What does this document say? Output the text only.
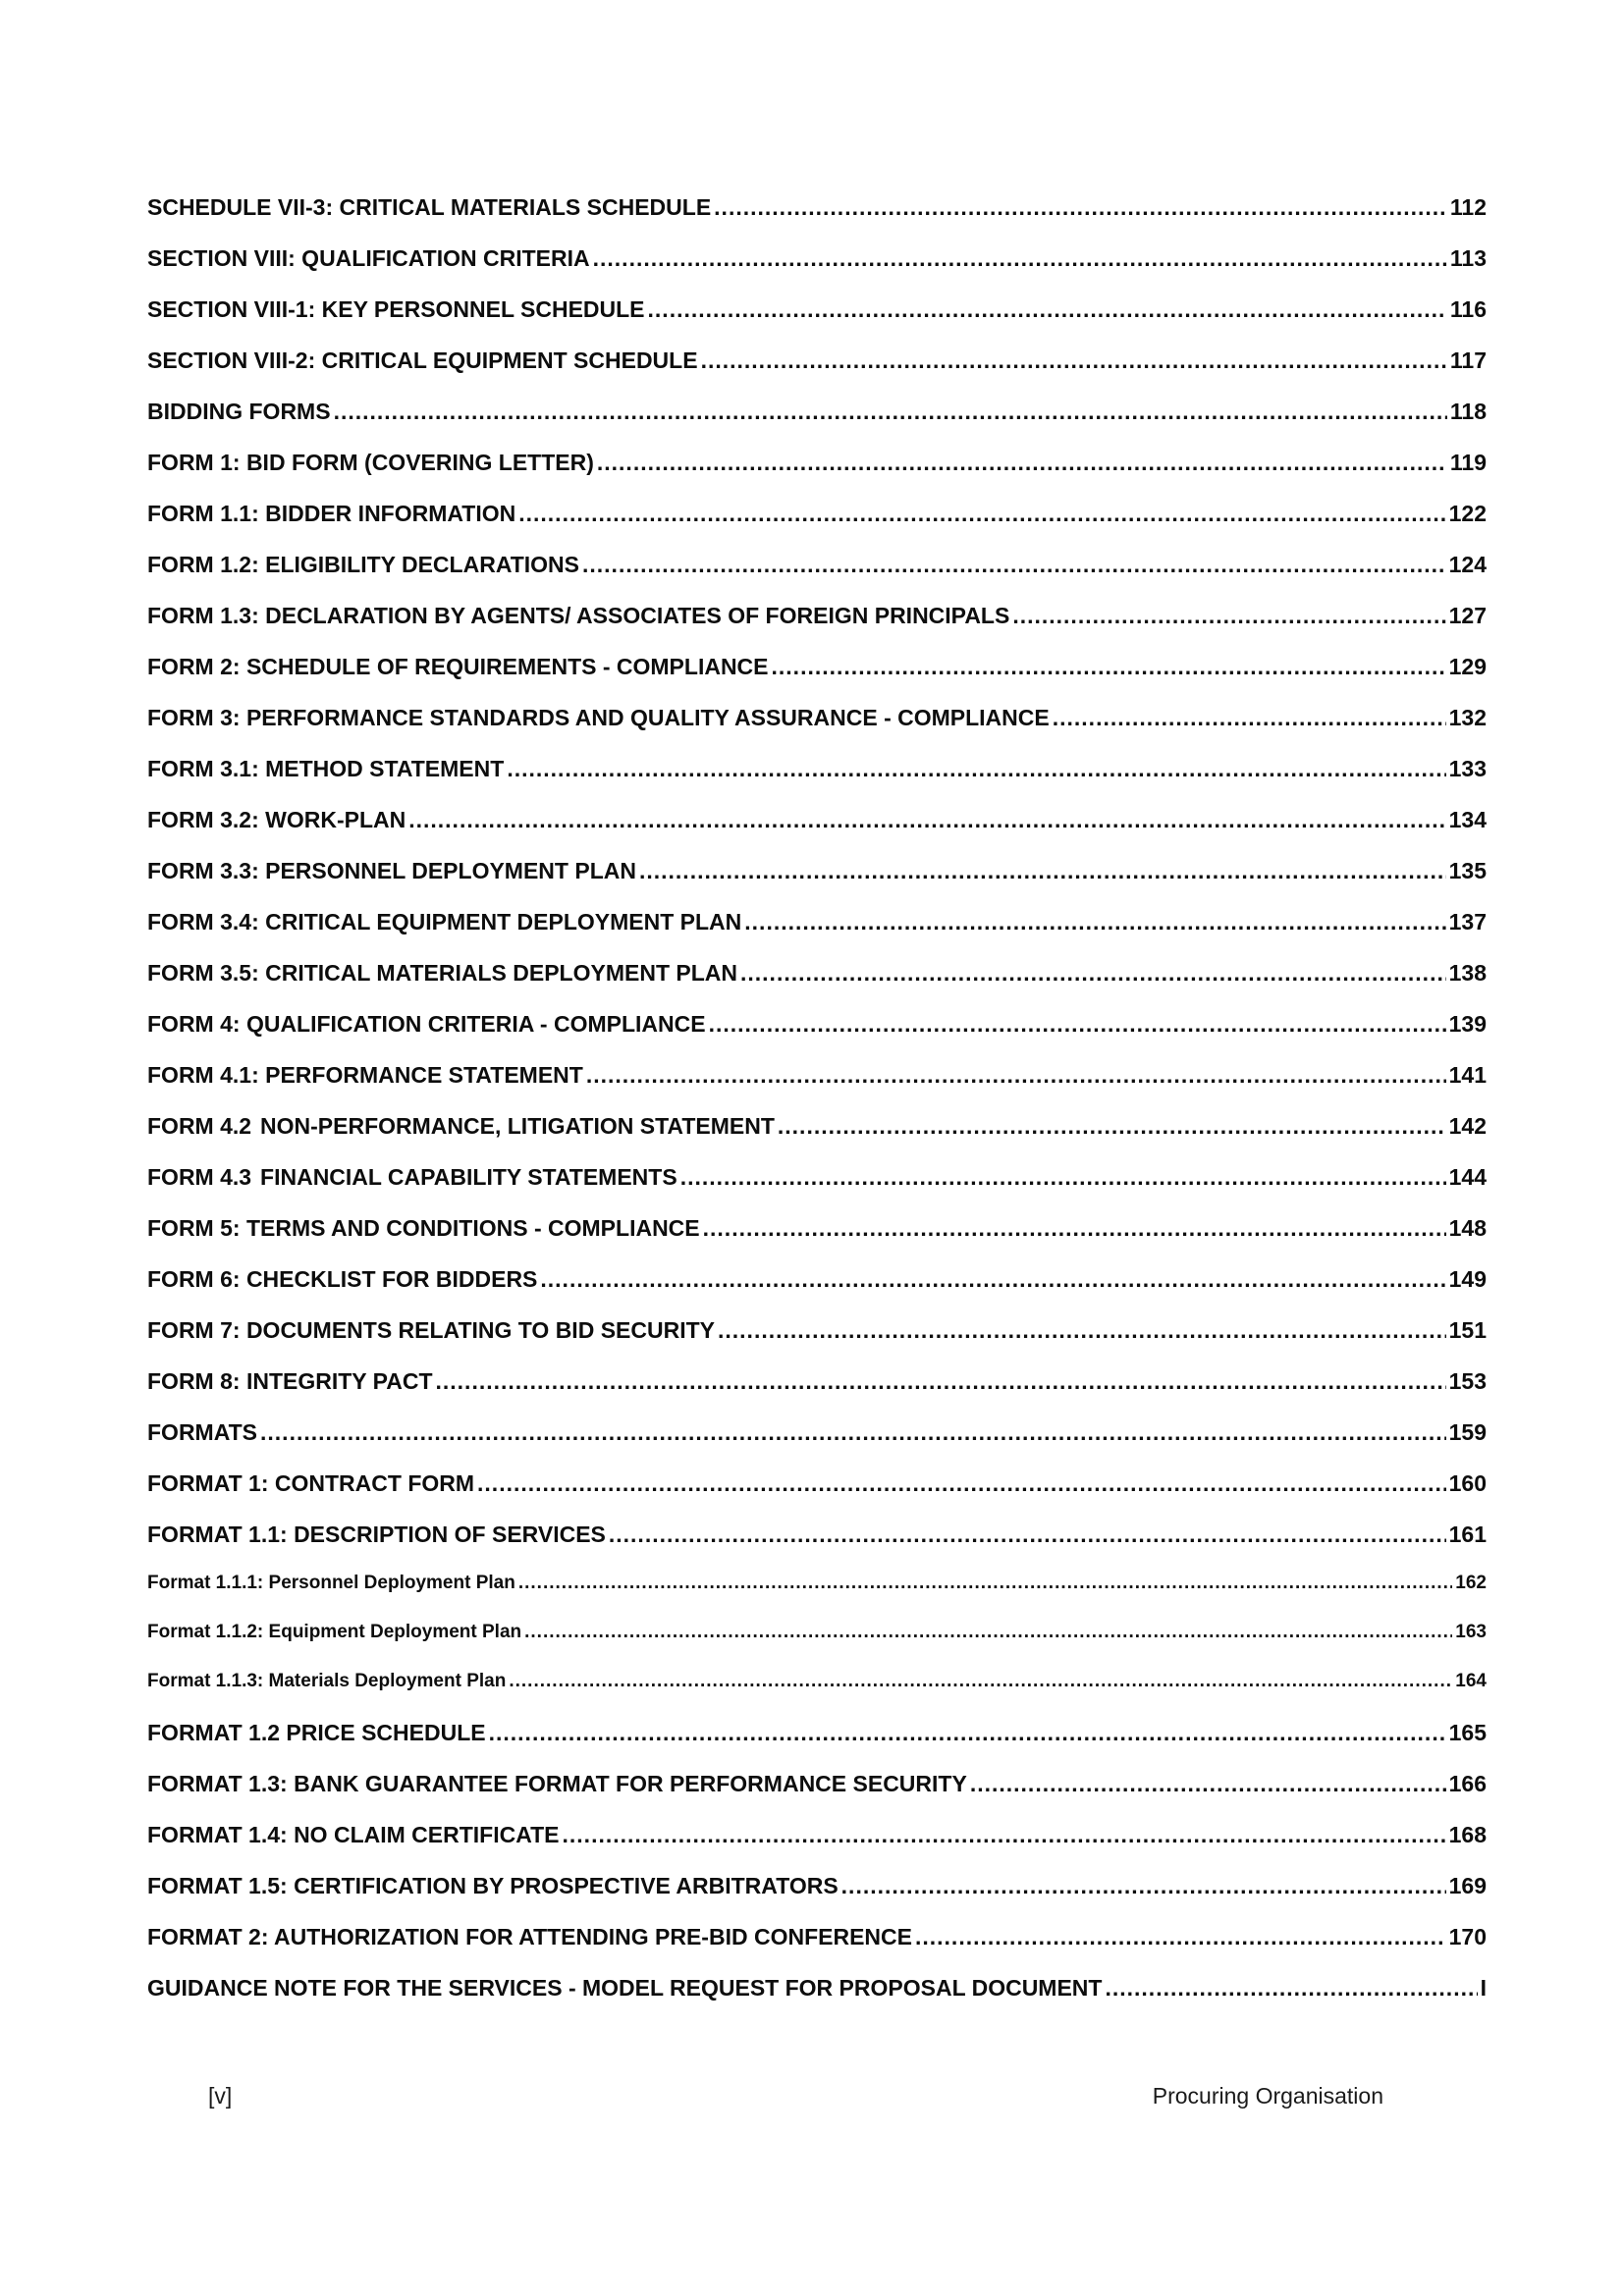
SCHEDULE VII-3: CRITICAL MATERIALS SCHEDULE .....	112
SECTION VIII: QUALIFICATION CRITERIA .....	113
SECTION VIII-1: KEY PERSONNEL SCHEDULE .....	116
SECTION VIII-2: CRITICAL EQUIPMENT SCHEDULE .....	117
BIDDING FORMS .....	118
FORM 1: BID FORM (COVERING LETTER) .....	119
FORM 1.1: BIDDER INFORMATION .....	122
FORM 1.2: ELIGIBILITY DECLARATIONS .....	124
FORM 1.3: DECLARATION BY AGENTS/ ASSOCIATES OF FOREIGN PRINCIPALS .....	127
FORM 2: SCHEDULE OF REQUIREMENTS - COMPLIANCE .....	129
FORM 3: PERFORMANCE STANDARDS AND QUALITY ASSURANCE - COMPLIANCE .....	132
FORM 3.1: METHOD STATEMENT .....	133
FORM 3.2: WORK-PLAN .....	134
FORM 3.3: PERSONNEL DEPLOYMENT PLAN .....	135
FORM 3.4: CRITICAL EQUIPMENT DEPLOYMENT PLAN .....	137
FORM 3.5: CRITICAL MATERIALS DEPLOYMENT PLAN .....	138
FORM 4: QUALIFICATION CRITERIA - COMPLIANCE .....	139
FORM 4.1: PERFORMANCE STATEMENT .....	141
FORM 4.2	NON-PERFORMANCE, LITIGATION STATEMENT .....	142
FORM 4.3	FINANCIAL CAPABILITY STATEMENTS .....	144
FORM 5: TERMS AND CONDITIONS - COMPLIANCE .....	148
FORM 6: CHECKLIST FOR BIDDERS .....	149
FORM 7: DOCUMENTS RELATING TO BID SECURITY .....	151
FORM 8: INTEGRITY PACT .....	153
FORMATS .....	159
FORMAT 1: CONTRACT FORM .....	160
FORMAT 1.1: DESCRIPTION OF SERVICES .....	161
Format 1.1.1: Personnel Deployment Plan .....	162
Format 1.1.2: Equipment Deployment Plan .....	163
Format 1.1.3: Materials Deployment Plan .....	164
FORMAT 1.2 PRICE SCHEDULE .....	165
FORMAT 1.3: BANK GUARANTEE FORMAT FOR PERFORMANCE SECURITY .....	166
FORMAT 1.4: NO CLAIM CERTIFICATE .....	168
FORMAT 1.5: CERTIFICATION BY PROSPECTIVE ARBITRATORS .....	169
FORMAT 2: AUTHORIZATION FOR ATTENDING PRE-BID CONFERENCE .....	170
GUIDANCE NOTE FOR THE SERVICES - MODEL REQUEST FOR PROPOSAL DOCUMENT .....	I
[v]	Procuring Organisation
